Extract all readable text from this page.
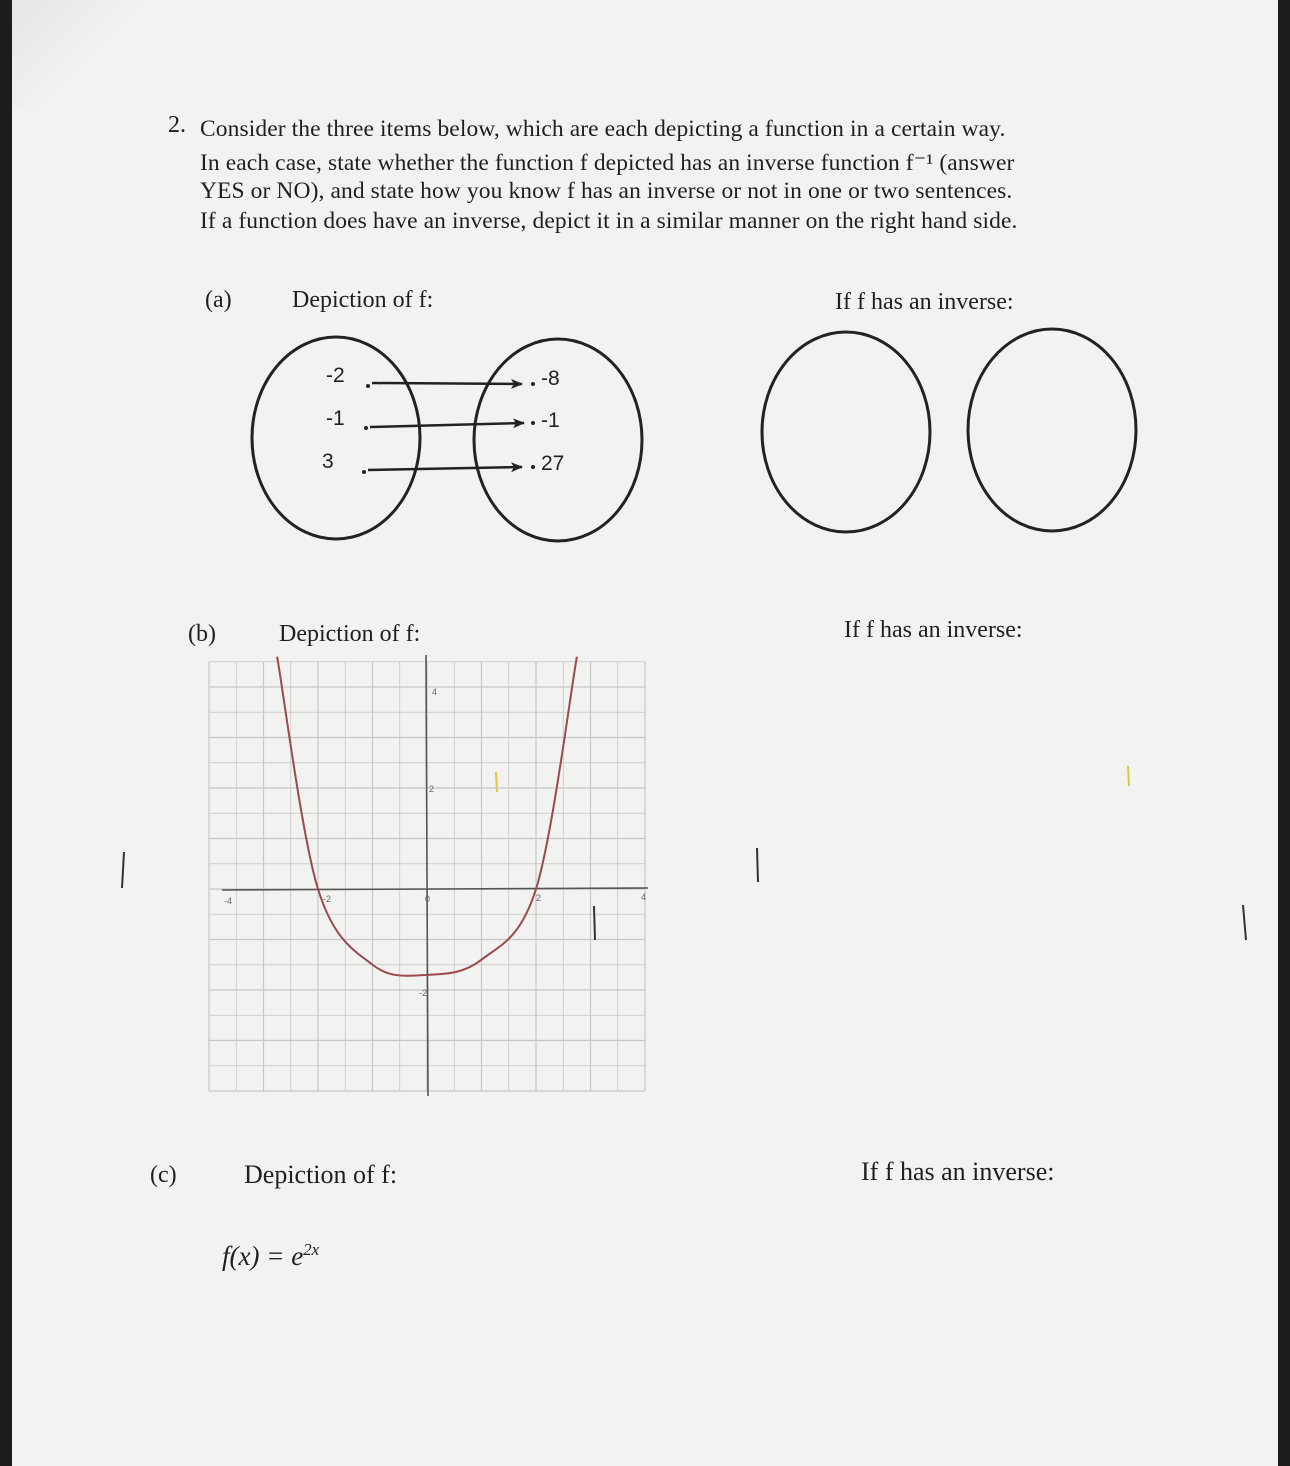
2. Consider the three items below, which are each depicting a function in a certain way.
In each case, state whether the function f depicted has an inverse function f⁻¹ (answer
YES or NO), and state how you know f has an inverse or not in one or two sentences.
If a function does have an inverse, depict it in a similar manner on the right hand side.
(a)	Depiction of f:	If f has an inverse:
-2
-1
3
-8
-1
27
(b)	Depiction of f:	If f has an inverse:
-4	-2	0	2	4
4
2
-2
(c)	Depiction of f:	If f has an inverse:
$f(x) = e^{2x}$
